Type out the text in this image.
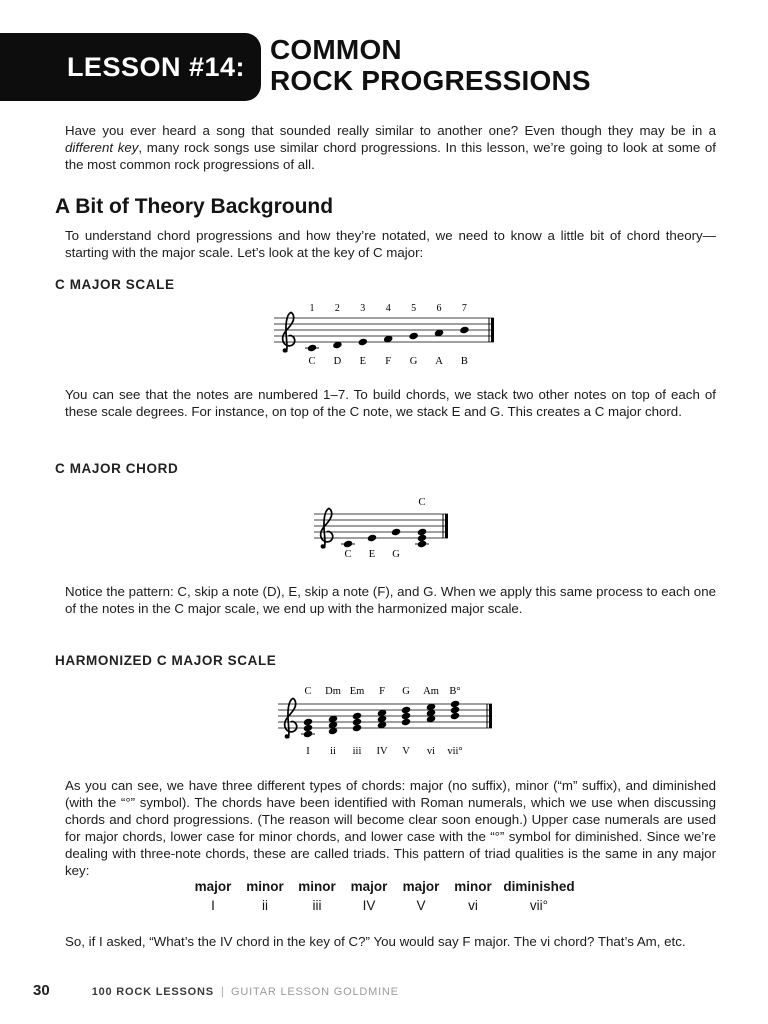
LESSON #14:
COMMON
ROCK PROGRESSIONS

Have you ever heard a song that sounded really similar to another one? Even though they may be in a different key, many rock songs use similar chord progressions. In this lesson, we’re going to look at some of the most common rock progressions of all.

A Bit of Theory Background

To understand chord progressions and how they’re notated, we need to know a little bit of chord theory—starting with the major scale. Let’s look at the key of C major:

C MAJOR SCALE
1
C
2
D
3
E
4
F
5
G
6
A
7
B

You can see that the notes are numbered 1–7. To build chords, we stack two other notes on top of each of these scale degrees. For instance, on top of the C note, we stack E and G. This creates a C major chord.

C MAJOR CHORD
C E G
C

Notice the pattern: C, skip a note (D), E, skip a note (F), and G. When we apply this same process to each one of the notes in the C major scale, we end up with the harmonized major scale.

HARMONIZED C MAJOR SCALE
C
I
Dm
ii
Em
iii
F
IV
G
V
Am
vi
B°
vii°

As you can see, we have three different types of chords: major (no suffix), minor (“m” suffix), and diminished (with the “°” symbol). The chords have been identified with Roman numerals, which we use when discussing chords and chord progressions. (The reason will become clear soon enough.) Upper case numerals are used for major chords, lower case for minor chords, and lower case with the “°” symbol for diminished. Since we’re dealing with three-note chords, these are called triads. This pattern of triad qualities is the same in any major key:

major	minor	minor	major	major	minor diminished
I	ii	iii	IV	V	vi	vii°

So, if I asked, “What’s the IV chord in the key of C?” You would say F major. The vi chord? That’s Am, etc.

30	100 ROCK LESSONS | GUITAR LESSON GOLDMINE
